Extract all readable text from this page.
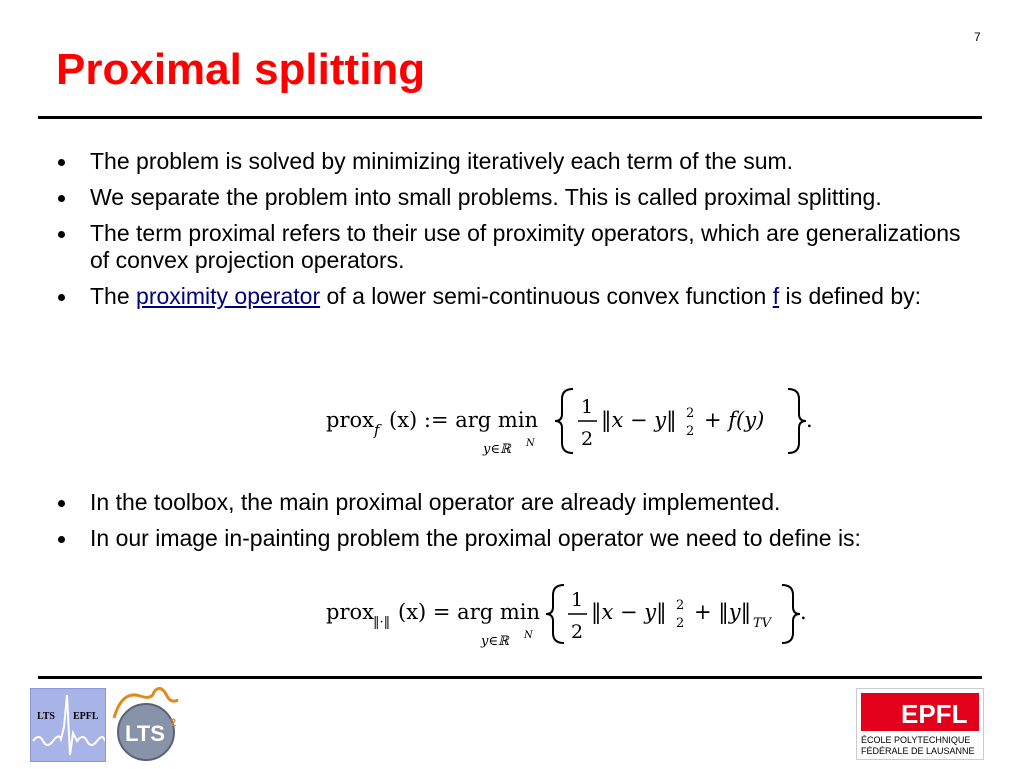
7
Proximal splitting
The problem is solved by minimizing iteratively each term of the sum.
We separate the problem into small problems. This is called proximal splitting.
The term proximal refers to their use of proximity operators, which are generalizations of convex projection operators.
The proximity operator of a lower semi-continuous convex function f is defined by:
prox f (x) := arg min
y∈ℝ N
1
2
‖x − y‖ 2
2 + f(y) .
In the toolbox, the main proximal operator are already implemented.
In our image in-painting problem the proximal operator we need to define is:
prox ‖·‖ (x) = arg min
y∈ℝ N
1
2
‖x − y‖ 2
2 + ‖y‖ TV .
LTS EPFL
LTS 2	EPFL
ÉCOLE POLYTECHNIQUE
FÉDÉRALE DE LAUSANNE
